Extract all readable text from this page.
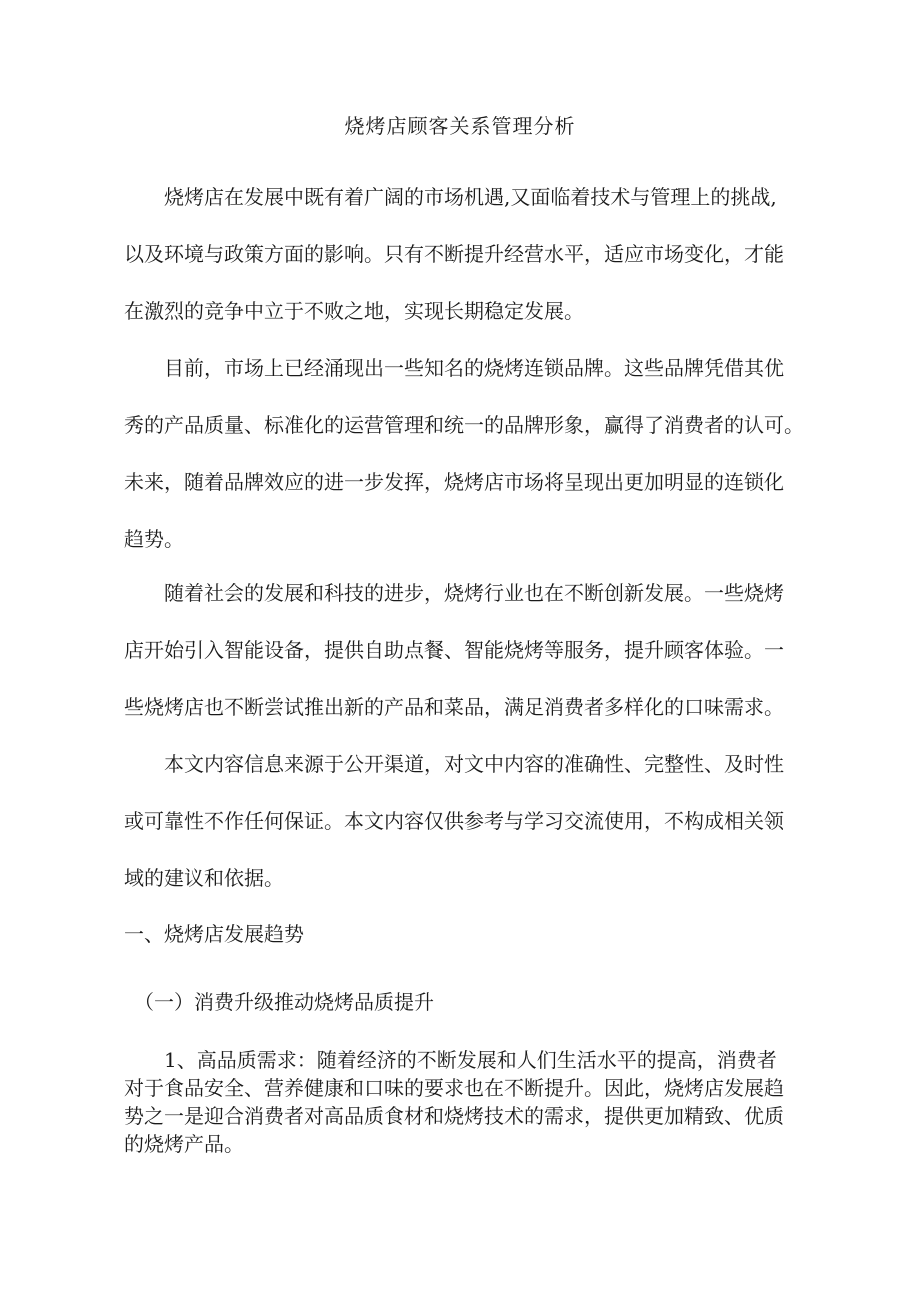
烧烤店顾客关系管理分析
烧烤店在发展中既有着广阔的市场机遇,又面临着技术与管理上的挑战,
以及环境与政策方面的影响。只有不断提升经营水平，适应市场变化，才能
在激烈的竞争中立于不败之地，实现长期稳定发展。
目前，市场上已经涌现出一些知名的烧烤连锁品牌。这些品牌凭借其优
秀的产品质量、标准化的运营管理和统一的品牌形象，赢得了消费者的认可。
未来，随着品牌效应的进一步发挥，烧烤店市场将呈现出更加明显的连锁化
趋势。
随着社会的发展和科技的进步，烧烤行业也在不断创新发展。一些烧烤
店开始引入智能设备，提供自助点餐、智能烧烤等服务，提升顾客体验。一
些烧烤店也不断尝试推出新的产品和菜品，满足消费者多样化的口味需求。
本文内容信息来源于公开渠道，对文中内容的准确性、完整性、及时性
或可靠性不作任何保证。本文内容仅供参考与学习交流使用，不构成相关领
域的建议和依据。
一、烧烤店发展趋势
（一）消费升级推动烧烤品质提升
1、高品质需求：随着经济的不断发展和人们生活水平的提高，消费者
对于食品安全、营养健康和口味的要求也在不断提升。因此，烧烤店发展趋
势之一是迎合消费者对高品质食材和烧烤技术的需求，提供更加精致、优质
的烧烤产品。
